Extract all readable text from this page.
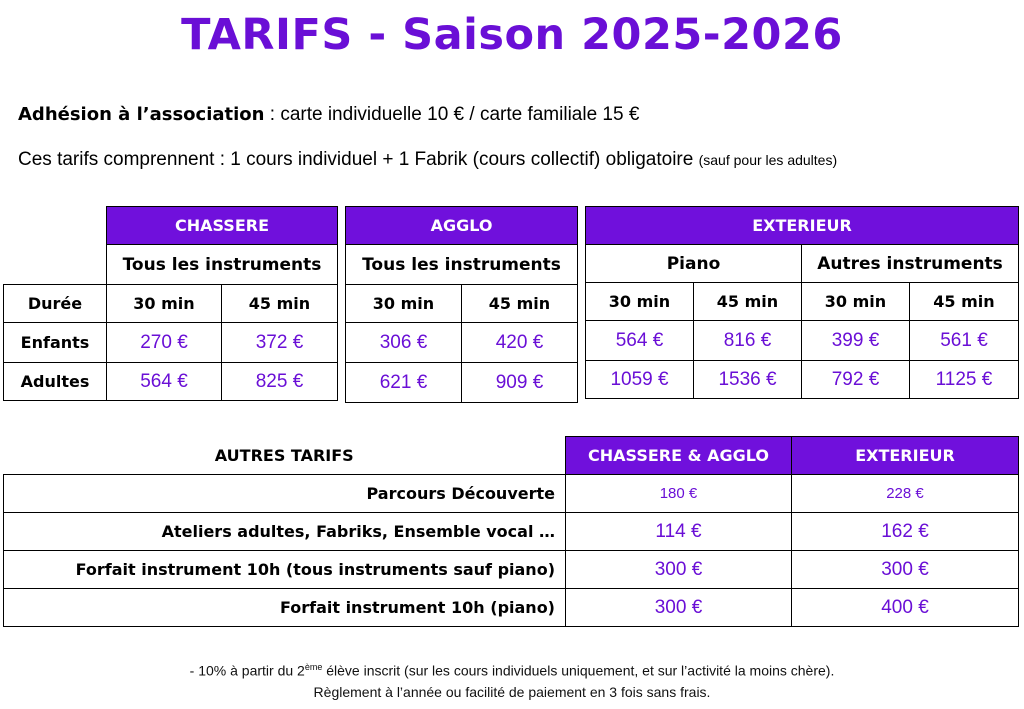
TARIFS - Saison 2025-2026
Adhésion à l’association : carte individuelle 10 € / carte familiale 15 €
Ces tarifs comprennent : 1 cours individuel + 1 Fabrik (cours collectif) obligatoire (sauf pour les adultes)
	CHASSERE	
	Tous les instruments	
Durée	30 min	45 min
Enfants	270 €	372 €
Adultes	564 €	825 €
AGGLO	
Tous les instruments	
30 min	45 min
306 €	420 €
621 €	909 €
EXTERIEUR			
Piano		Autres instruments	
30 min	45 min	30 min	45 min
564 €	816 €	399 €	561 €
1059 €	1536 €	792 €	1125 €
AUTRES TARIFS	CHASSERE & AGGLO	EXTERIEUR
Parcours Découverte	180 €	228 €
Ateliers adultes, Fabriks, Ensemble vocal …	114 €	162 €
Forfait instrument 10h (tous instruments sauf piano)	300 €	300 €
Forfait instrument 10h (piano)	300 €	400 €
- 10% à partir du 2ème élève inscrit (sur les cours individuels uniquement, et sur l’activité la moins chère).
Règlement à l’année ou facilité de paiement en 3 fois sans frais.
